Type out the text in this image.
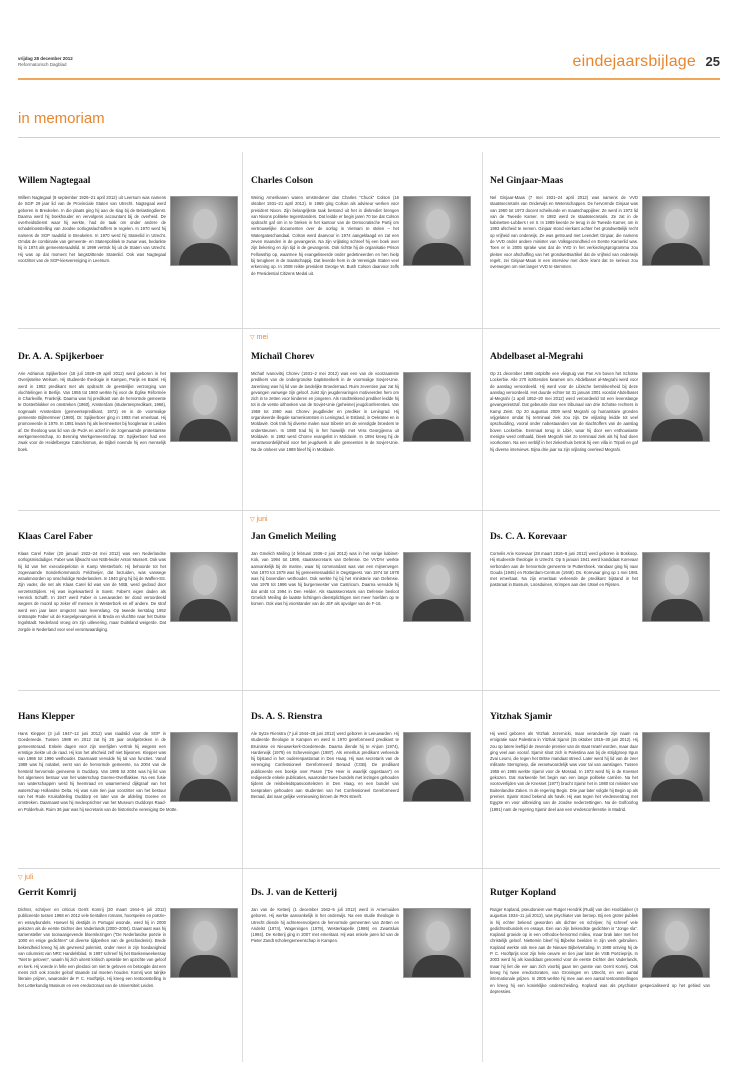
vrijdag 28 december 2012
Reformatorisch Dagblad	eindejaarsbijlage 25
in memoriam
▽ mei
▽ juni
▽ juli
Willem Nagtegaal
Willem Nagtegaal (9 september 1926–21 april 2012) uit Leersum was namens de SGP 29 jaar lid van de Provinciale Staten van Utrecht. Nagtegaal werd geboren in Breukelen. In die plaats ging hij aan de slag bij de Belastingdienst. Daarna werd hij boekhouder en vervolgens accountant bij de overheid. De overheidsdienst waar hij werkte, had de taak om onder andere de schadeloosstelling van Joodse oorlogsslachtoffers te regelen. In 1970 werd hij namens de SGP raadslid in Breukelen. In 1970 werd hij Statenlid in Utrecht. Omdat de combinatie van gemeente- en Statenpolitiek te zwaar was, bedankte hij in 1974 als gemeenteraadslid. In 1999 vertrok hij uit de Staten van Utrecht. Hij was op dat moment het langstzittende Statenlid. Ook was Nagtegaal voorzitter van de SGP-kiesvereniging in Leersum.
Charles Colson
Weinig Amerikanen waren omstredener dan Charles "Chuck" Colson (16 oktober 1931–21 april 2012). In 1969 ging Colson als adviseur werken voor president Nixon. Zijn belangrijkste taak bestond uit het in diskrediet brengen van Nixons politieke tegenstanders. Dat leidde er begin jaren 70 toe dat Colson opdracht gaf om in te breken in het kantoor van de Democratische Partij om vertrouwelijke documenten over de oorlog in Vietnam te stelen – het Watergateschandaal. Colson werd daarvoor in 1974 aangeklaagd en zat een zeven maanden in de gevangenis. Na zijn vrijlating schreef hij een boek over zijn bekering en zijn tijd in de gevangenis. Ook richtte hij de organisatie Prison Fellowship op, waarmee hij evangeliseerde onder gedetineerden en hen hielp bij terugkeer in de maatschappij. Dat leverde hem in de Verenigde Staten veel erkenning op. In 2008 reikte president George W. Bush Colson daarvoor zelfs de Presidential Citizens Medal uit.
Nel Ginjaar-Maas
Nel Ginjaar-Maas (7 mei 1931–24 april 2012) was namens de VVD staatssecretaris van Onderwijs en Wetenschappen. De hervormde Ginjaar was van 1960 tot 1973 docent scheikunde en maatschappijleer. Ze werd in 1973 lid van de Tweede Kamer. In 1982 werd ze staatssecretaris. Ze zat in de kabinetten-Lubbers I en II. In 1989 keerde ze terug in de Tweede Kamer, om in 1993 afscheid te nemen. Ginjaar stond vierkant achter het grondwettelijk recht op vrijheid van onderwijs. Ze was getrouwd met Leendert Ginjaar, die namens de VVD onder andere minister van Volksgezondheid en Eerste Kamerlid was. Toen er in 2005 sprake was dat de VVD in het verkiezingsprogramma zou pleiten voor afschaffing van het grondwettsartikel dat de vrijheid van onderwijs regelt, zei Ginjaar-Maas in een interview met deze krant dat ze serieus zou overwegen om niet langer VVD te stemmen.
Dr. A. A. Spijkerboer
Arie Adrianus Spijkerboer (18 juli 1928–29 april 2012) werd geboren in het Overijsselse Welsum. Hij studeerde theologie in Kampen, Parijs en Bazel. Hij werd in 1953 predikant met als opdracht de geestelijke verzorging van vluchtelingen in Berlijn. Van 1955 tot 1960 werkte hij voor de Église Réformée in Charleville, Frankrijk. Daarna was hij predikant van de hervormde gemeente te Oosterblokker en omstreken (1960), Amsterdam (studentenpredikant, 1966), nogmaals Amsterdam (gemeentepredikant, 1972) en in de voormalige gemeente Bijlmermeer (1980). Dr. Spijkerboer ging in 1993 met emeritaat. Hij promoveerde in 1979. In 1981 kwam hij als leermeester bij hoogleraar in Leiden af. De theoloog was lid van de PvdA en actief in de zogenaamde protestantse werkgemeenschap, zo Benning Werkgemeenschap. Dr. Spijkerboer had een zwak voor de Heidelbergse Catechismus, de Bijbel noemde hij een menselijk boek.
Michaïl Chorev
Michaïl Ivanovitsj Chorev (1931–2 mei 2012) was een van de voorzaamste predikers van de ondergrondse baptistenkerk in de voormalige Sovjet-Unie. Jarenlang was hij lid van de landelijke Broederraad. Ruim zeventien jaar zat hij gevangen vanwege zijn geloof. Juist zijn jeugdervaringen motiveerden hem om zich in te zetten voor kinderen en jongeren. Als rondtrekkend prediker leidde hij tot in de verste uithoeken van de Sovjet-Unie (geheime) jeugdconferenties. Van 1959 tot 1960 was Chorev jeugdleider en prediker in Leningrad. Hij organiseerde illegale samenkomsten in Leningrad, in Estland, in Oekraïne en in Moldavië. Ook trok hij diverse malen naar Siberië om de vervolgde broeders te ondersteunen. In 1980 trad hij in het huwelijk met Vera Georgijevna uit Moldavië. In 1992 werd Chorev evangelist in Moldavië. In 1994 kreeg hij de verantwoordelijkheid voor het jeugdwerk in alle gemeenten in de Sovjet-Unie. Na de omkeer van 1989 bleef hij in Moldavië.
Abdelbaset al-Megrahi
Op 21 december 1988 ontplofte een vliegtuig van Pan Am boven het Schotse Lockerbie. Alle 270 inzittenden kwamen om. Abdelbaset al-Megrahi werd voor de aanslag veroordeeld. Hij werd voor de Libische betrokkenheid bij deze aanslag veroordeeld. Het duurde echter tot 31 januari 2001 voordat Abdelbaset al-Megrahi (1 april 1952–20 mei 2012) werd veroordeeld tot een levenslange gevangenisstraf. Dat gebeurde door een tribunaal van drie Schotse rechters in Kamp Zeist. Op 20 augustus 2009 werd Megrahi op humanitaire gronden vrijgelaten omdat hij terminaal ziek zou zijn. De vrijlating leidde tot veel opschudding, vooral onder nabestaanden van de slachtoffers van de aanslag boven Lockerbie. Eenmaal terug in Libië, waar hij door een enthousiaste menigte werd onthaald, bleek Megrahi niet zo terminaal ziek als hij had doen voorkomen. Na een verblijf in het ziekenhuis betrok hij een villa in Tripoli en gaf hij diverse interviews. Bijna drie jaar na zijn vrijlating overleed Megrahi.
Klaas Carel Faber
Klaas Carel Faber (20 januari 1922–24 mei 2012) was een Nederlandse oorlogsmisdadiger. Faber was lijfwacht van NSB-leider Anton Mussert. Ook was hij lid van het executiepeloton in Kamp Westerbork. Hij behoorde tot het zogenaamde Sonderkommando Feldmeijer, dat bezuiden, was vanwege wraakmoorden op onschuldige Nederlanders. In 1940 ging hij bij de Waffen-SS. Zijn vader, die net als Klaas Carel lid was van de NSB, werd gedood door verzetsstrijders. Hij was ingekwartierd in Soest. Faber's eigen daden als Henrick Schafft. In 1947 werd Faber in Leeuwarden ter dood veroordeeld wegens de moord op zeker elf mensen in Westerbork en elf andere. De straf werd een jaar later omgezet naar levenslang. Op tweede kerstdag 1952 ontsnapte Faber uit de Koepelgevangenis in Breda en vluchtte naar het Duitse Ingolstadt. Nederland vroeg om zijn uitlevering, maar Duitsland weigerde. Dat zorgde in Nederland voor veel verontwaardiging.
Jan Gmelich Meiling
Jan Gmelich Meiling (4 februari 1936–2 juni 2012) was in het vorige kabinet-Kok, van 1994 tot 1998, staatssecretaris van Defensie. De VVD'er werkte aanvankelijk bij de marine, waar hij commandant was van een mijnenveger. Van 1970 tot 1978 was hij gemeenteraadslid in Oegstgeest. Van 1974 tot 1978 was hij bovendien wethouder. Ook werkte hij bij het ministerie van Defensie. Van 1978 tot 1986 was hij burgemeester van Castricum. Daarna vervulde hij dat ambt tot 1994 in Den Helder. Als staatssecretaris van Defensie besloot Gmelich Meiling de laatste lichtingen dienstplichtigen niet meer hoefden op te komen. Ook was hij voorstander van de JSF als opvolger van de F-16.
Ds. C. A. Korevaar
Cornelis Arie Korevaar (28 maart 1916–8 juni 2012) werd geboren in Boskoop. Hij studeerde theologie in Utrecht. Op 5 januari 1941 werd kandidaat Korevaar verbonden aan de hervormde gemeente te Puttershoek. Vandaar ging hij naar Gouda (1945) en Rotterdam-Centrum (1949). Ds. Korevaar ging op 1 mei 1981 met emeritaat. Na zijn emeritaat verleende de predikant bijstand in het pastoraat in Bussum, Loosduinen, Krimpen aan den IJssel en Rijssen.
Hans Klepper
Hans Klepper (3 juli 1947–12 juni 2012) was raadslid voor de SGP in Goedereede. Tussen 1989 en 2012 zat hij 26 jaar onafgebroken in de gemeenteraad. Enkele dagen voor zijn overlijden vertrok hij wegens een ernstige ziekte uit de raad. Hij kon het afscheid zelf niet bijwonen. Klepper was van 1986 tot 1996 wethouder. Daarnaast vervulde hij tal van functies. Vanaf 1989 was hij notabel, eerst van de hervormde gemeente, na 2004 van de hersteld hervormde gemeente in Ouddorp. Van 1995 tot 2004 was hij lid van het algemeen bestuur van het waterschap Goeree-Overflakkee. Na een fusie van waterschappen werd hij heemraad en waarnemend dijkgraaf van het waterschap Hollandse Delta. Hij was ruim tien jaar voorzitter van het bestuur van het Rode Kruisafdeling Ouddorp en later van de afdeling Goeree en omstreken. Daarnaast was hij medeoprichter van het Museum Ouddorps Raad- en Polderhuis. Ruim 36 jaar was hij secretaris van de historische vereniging De Motte.
Ds. A. S. Rienstra
Ale Sytze Rienstra (7 juli 1944–28 juni 2012) werd geboren in Leeuwarden. Hij studeerde theologie in Kampen en werd in 1970 gereformeerd predikant te Bruinisse en Nieuwerkerk-Goedereede. Daarna diende hij te Anjum (1974), Harderwijk (1979) en Scheveningen (1987). Als emeritus predikant verleende hij bijstand in het ouderenpastoraat in Den Haag. Hij was secretaris van de vereniging Confessioneel Gereformeerd Beraad (CGB). De predikant publiceerde een boekje over Pasen ("De Heer is waarlijk opgestaan") en redigeerde enkele publicaties, waaronder twee bundels met lezingen gehouden tijdens de reisbeleidspasvoortelezen in Den Haag, en een bundel van toespraken gehouden aan studenten van het Confessioneel Gereformeerd Beraad, dat naar gelijke vernieuwing binnen de PKN streeft.
Yitzhak Sjamir
Hij werd geboren als Yitzhak Jezernicki, maar veranderde zijn naam na emigratie naar Palestina in Yitzhak Sjamir (15 oktober 1915–30 juni 2012). Hij zou op latere leeftijd de zevende premier van de staat Israël worden, maar daar ging veel aan vooraf. Sjamir sloot zich in Palestina aan bij de strijdgroep Irgun Zvai Leumi, die tegen het Britse mandaat streed. Later werd hij lid van de zeer militante Sterngroep, die verantwoordelijk was voor tal van aanslagen. Tussen 1955 en 1965 werkte Sjamir voor de Mossad. In 1973 werd hij in de Knesset gekozen. Dat markeerde het begin van een lange politieke carrière. Na het vooroverlijden van de Knesset (1977) bracht Sjamir het in 1980 tot minister van Buitenlandse Zaken. In de regering Begin. Drie jaar later volgde hij Begin op als premier. Sjamir stond bekend als havik. Hij was tegen het vredesverdrag met Egypte en voor uitbreiding van de Joodse nederzettingen. Na de Golfoorlog (1991) nam de regering Sjamir deel aan een vredesconferentie in Madrid.
Gerrit Komrij
Dichter, schrijver en criticus Gerrit Komrij (30 maart 1944–5 juli 2012) publiceerde tussen 1968 en 2012 vele tientallen romans, hoorspelen en poëzie- en essaybundels. Hoewel hij destijds in Portugal woonde, werd hij in 2000 gekozen als de eerste Dichter des Vaderlands (2000–2004). Daarnaast was hij samensteller van toonaangevende bloemlezingen ("De Nederlandse poëzie in 1000 en enige gedichten" uit diverse tijdperken van de geschiedenis). Brede bekendheid kreeg hij als gevreesd polemist, onder meer in zijn hoedanigheid van columnist van NRC Handelsblad. In 1997 schreef hij het Boekenweekessay "Niet te geloven", waarin hij zich uiterst kritisch opstelde ten opzichte van geloof en kerk. Hij voerde in felle een pleidooi om niet te geloven en betoogde dat een mens zich ook zonder geloof staande zal moeten houden. Komrij won talrijke literaire prijzen, waaronder de P. C. Hooftprijs. Hij kreeg een tentoonstelling in het Letterkundig Museum en een eredoctoraat van de Universiteit Leiden.
Ds. J. van de Ketterij
Jan van de Ketterij (1 december 1942–5 juli 2012) werd in Arnemuiden geboren. Hij werkte aanvankelijk in het onderwijs. Na een studie theologie in Utrecht diende hij achtereenvolgens de hervormde gemeenten van Zetten en Andelst (1974), Wageningen (1979), Westerkapelle (1986) en Zwartsluis (1994). De Ketterij ging in 2007 met emeritaat. Hij was enkele jaren lid van de Pieter Zandt scholengemeenschap in Kampen.
Rutger Kopland
Rutger Kopland, pseudoniem van Rutger Hendrik (Rudi) van den Hoofdakker (4 augustus 1934–11 juli 2012), was psychiater van beroep. Bij een groter publiek is hij echter bekend geworden als dichter en schrijver, hij schreef vele gedichtenbundels en essays. Een van zijn bekendste gedichten is "Jonge sla". Kopland groeide op in een orthodox-hervormd milieu, maar brak later met het christelijk geloof. Niettemin bleef hij Bijbelse beelden in zijn werk gebruiken. Kopland werkte ook mee aan de Nieuwe Bijbelvertaling. In 1988 ontving hij de P. C. Hooftprijs voor zijn hele oeuvre en tien jaar later de VSB Poëzieprijs. In 2003 werd hij als kandidaat genoemd voor de eerste Dichter des Vaderlands, maar hij liet die eer aan zich voorbij gaan ten gunste van Gerrit Komrij. Ook kreeg hij twee eredoctoraten, van Groningen en Utrecht, en een aantal internationale prijzen. In 2005 werkte hij mee aan een aantal tentoonstellingen en kreeg hij een koninklijke onderscheiding. Kopland was als psychiater gespecialiseerd op het gebied van depressies.
